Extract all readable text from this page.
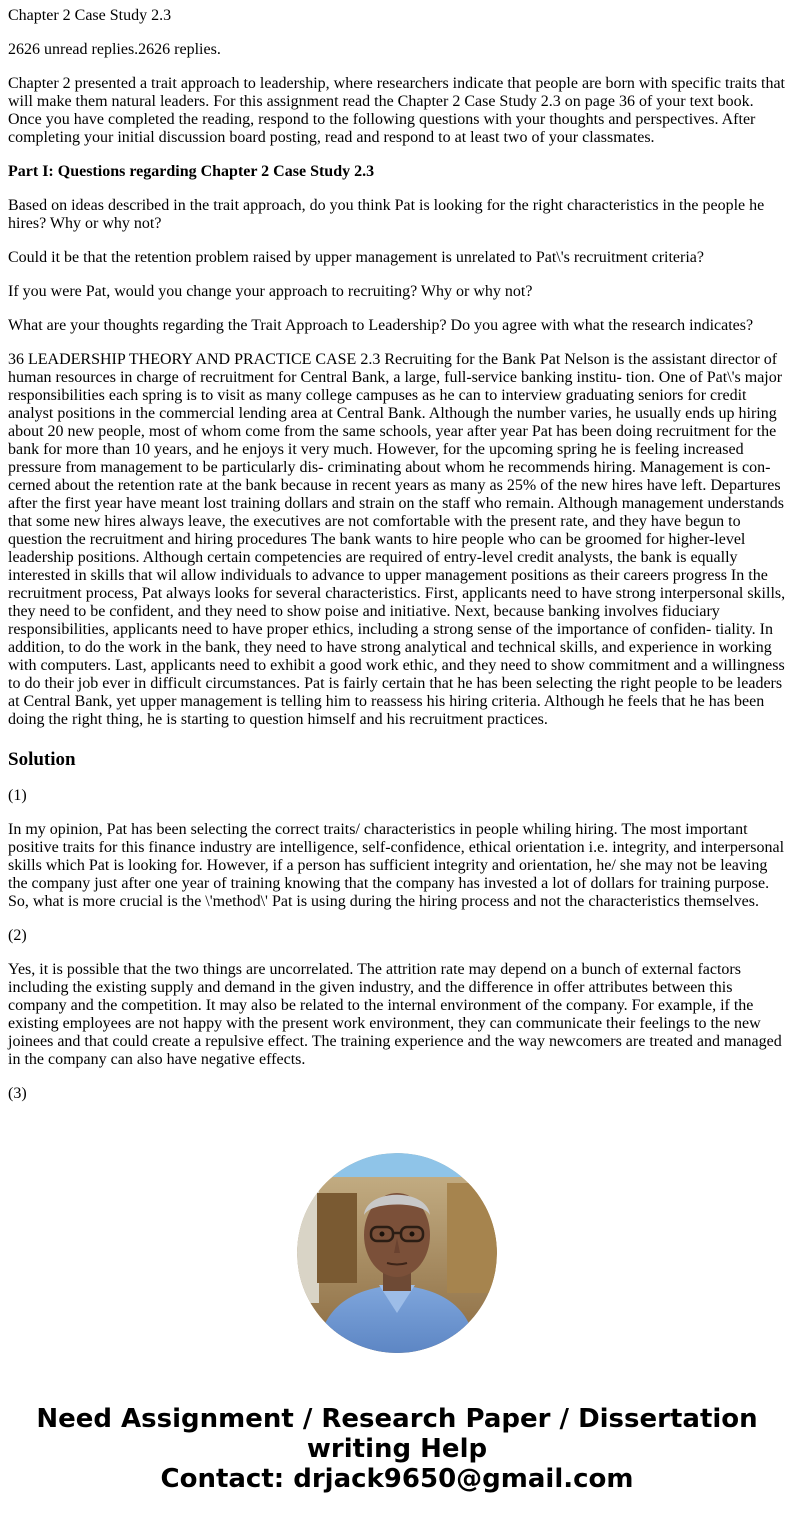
Chapter 2 Case Study 2.3

2626 unread replies.2626 replies.

Chapter 2 presented a trait approach to leadership, where researchers indicate that people are born with specific traits that will make them natural leaders. For this assignment read the Chapter 2 Case Study 2.3 on page 36 of your text book. Once you have completed the reading, respond to the following questions with your thoughts and perspectives. After completing your initial discussion board posting, read and respond to at least two of your classmates.

Part I: Questions regarding Chapter 2 Case Study 2.3

Based on ideas described in the trait approach, do you think Pat is looking for the right characteristics in the people he hires? Why or why not?

Could it be that the retention problem raised by upper management is unrelated to Pat\'s recruitment criteria?

If you were Pat, would you change your approach to recruiting? Why or why not?

What are your thoughts regarding the Trait Approach to Leadership? Do you agree with what the research indicates?

36 LEADERSHIP THEORY AND PRACTICE CASE 2.3 Recruiting for the Bank Pat Nelson is the assistant director of human resources in charge of recruitment for Central Bank, a large, full-service banking institu- tion. One of Pat\'s major responsibilities each spring is to visit as many college campuses as he can to interview graduating seniors for credit analyst positions in the commercial lending area at Central Bank. Although the number varies, he usually ends up hiring about 20 new people, most of whom come from the same schools, year after year Pat has been doing recruitment for the bank for more than 10 years, and he enjoys it very much. However, for the upcoming spring he is feeling increased pressure from management to be particularly dis- criminating about whom he recommends hiring. Management is con- cerned about the retention rate at the bank because in recent years as many as 25% of the new hires have left. Departures after the first year have meant lost training dollars and strain on the staff who remain. Although management understands that some new hires always leave, the executives are not comfortable with the present rate, and they have begun to question the recruitment and hiring procedures The bank wants to hire people who can be groomed for higher-level leadership positions. Although certain competencies are required of entry-level credit analysts, the bank is equally interested in skills that wil allow individuals to advance to upper management positions as their careers progress In the recruitment process, Pat always looks for several characteristics. First, applicants need to have strong interpersonal skills, they need to be confident, and they need to show poise and initiative. Next, because banking involves fiduciary responsibilities, applicants need to have proper ethics, including a strong sense of the importance of confiden- tiality. In addition, to do the work in the bank, they need to have strong analytical and technical skills, and experience in working with computers. Last, applicants need to exhibit a good work ethic, and they need to show commitment and a willingness to do their job ever in difficult circumstances. Pat is fairly certain that he has been selecting the right people to be leaders at Central Bank, yet upper management is telling him to reassess his hiring criteria. Although he feels that he has been doing the right thing, he is starting to question himself and his recruitment practices.

Solution

(1)

In my opinion, Pat has been selecting the correct traits/ characteristics in people whiling hiring. The most important positive traits for this finance industry are intelligence, self-confidence, ethical orientation i.e. integrity, and interpersonal skills which Pat is looking for. However, if a person has sufficient integrity and orientation, he/ she may not be leaving the company just after one year of training knowing that the company has invested a lot of dollars for training purpose. So, what is more crucial is the \'method\' Pat is using during the hiring process and not the characteristics themselves.

(2)

Yes, it is possible that the two things are uncorrelated. The attrition rate may depend on a bunch of external factors including the existing supply and demand in the given industry, and the difference in offer attributes between this company and the competition. It may also be related to the internal environment of the company. For example, if the existing employees are not happy with the present work environment, they can communicate their feelings to the new joinees and that could create a repulsive effect. The training experience and the way newcomers are treated and managed in the company can also have negative effects.

(3)

Need Assignment / Research Paper / Dissertation
writing Help
Contact: drjack9650@gmail.com
